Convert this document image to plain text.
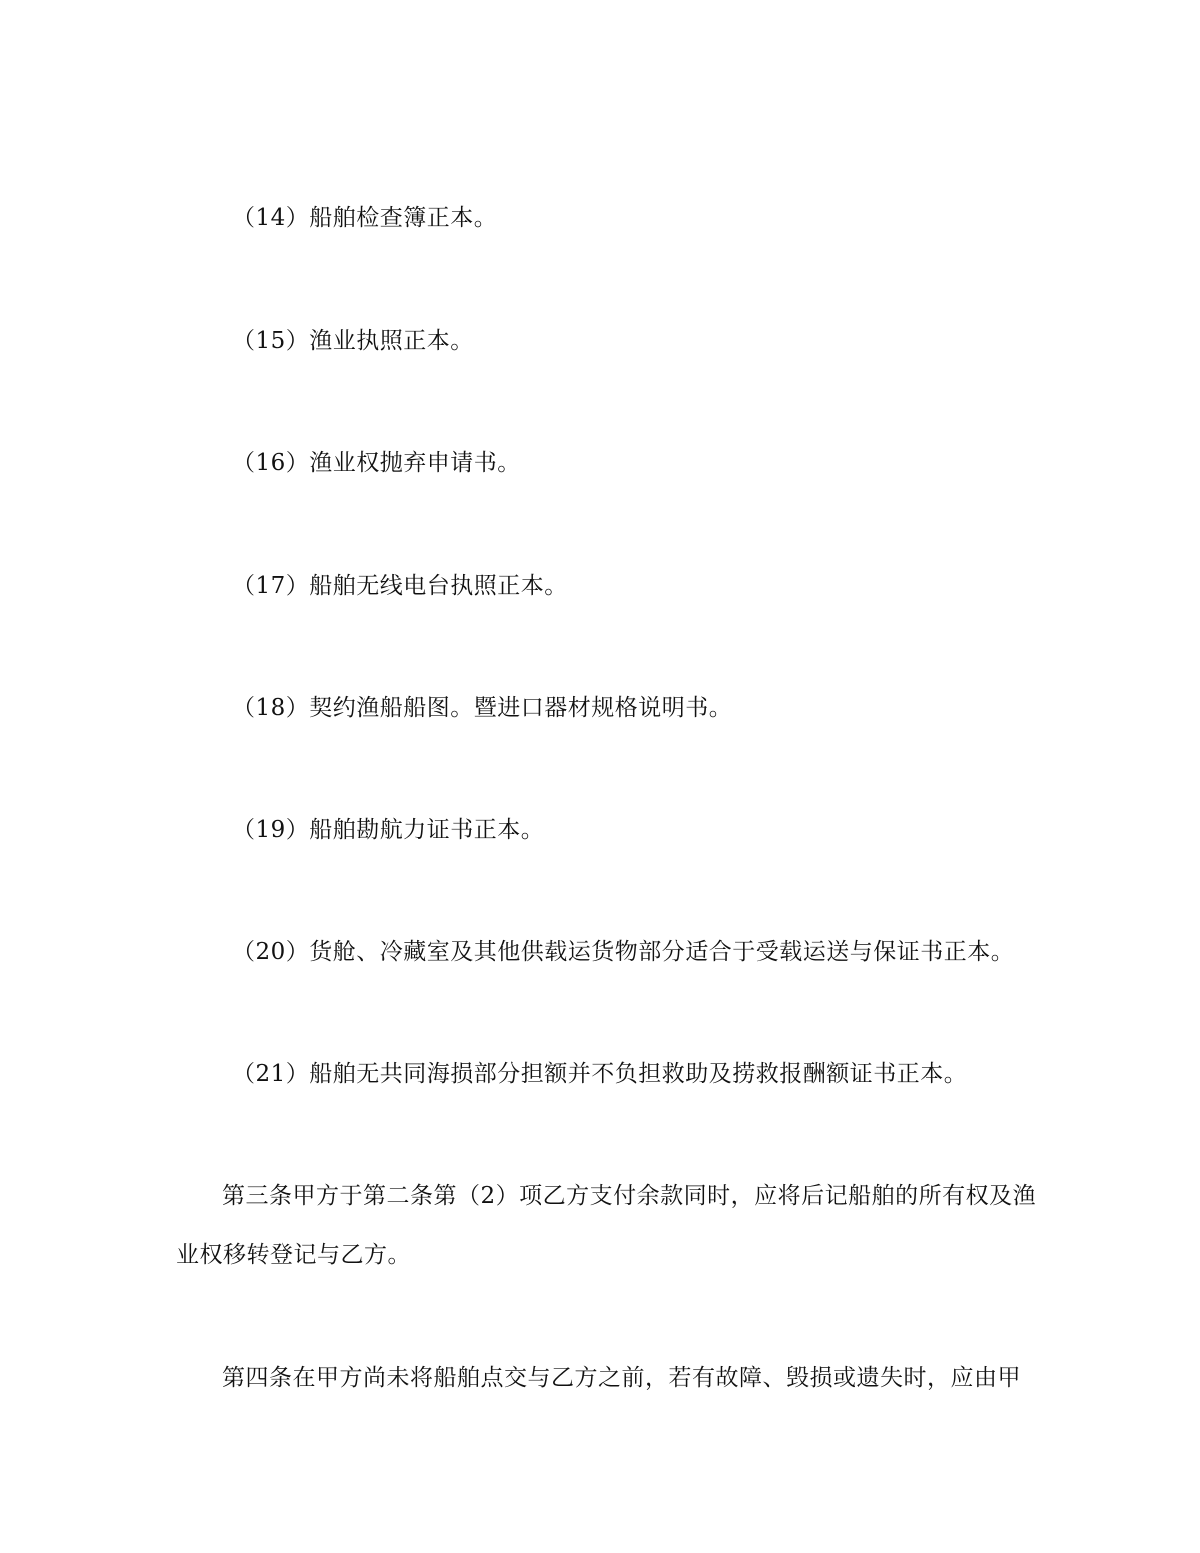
（14）船舶检查簿正本。
（15）渔业执照正本。
（16）渔业权抛弃申请书。
（17）船舶无线电台执照正本。
（18）契约渔船船图。暨进口器材规格说明书。
（19）船舶勘航力证书正本。
（20）货舱、冷藏室及其他供载运货物部分适合于受载运送与保证书正本。
（21）船舶无共同海损部分担额并不负担救助及捞救报酬额证书正本。
第三条甲方于第二条第（2）项乙方支付余款同时，应将后记船舶的所有权及渔
业权移转登记与乙方。
第四条在甲方尚未将船舶点交与乙方之前，若有故障、毁损或遗失时，应由甲
